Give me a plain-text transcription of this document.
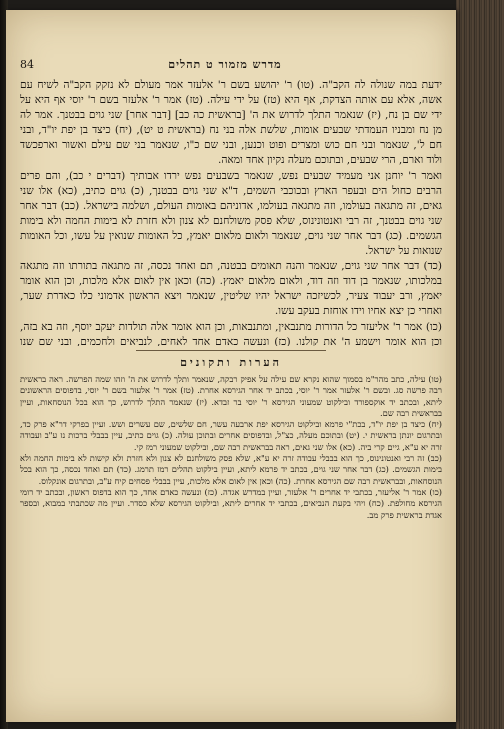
84	מדרש מזמור ט תהלים

ידעת במה שנולה לה הקב"ה. (טו) ר' יהושע בשם ר' אלעזר אמר מעולם לא נזקק הקב"ה לשיח עם אשה, אלא עם אותה הצדקת, אף היא (טז) על ידי עילה. (טז) אמר ר' אלעזר בשם ר' יוסי אף היא על ידי שם בן נח, (יז) שנאמר התלך לדרוש את ה' [בראשית כה כב] [דבר אחר] שני גוים בבטנך. אמר לה מן נח ומבניו העמדתי שבעים אומות, שלשת אלה בני נח (בראשית ט יט), (יח) כיצד בן יפת יו"ד, ובני חם ל', שנאמר ובני חם כוש ומצרים ופוט וכנען, ובני שם כ"ו, שנאמר בני שם עילם ואשור וארפכשד ולוד וארם, הרי שבעים, ובתוכם מעלה נקיון אחד ומאה.

ואמר ר' יוחנן אני מעמיד שבעים נפש, שנאמר בשבעים נפש ירדו אבותיך (דברים י כב), והם פרים הרבים כחול הים ובעפר הארץ ובכוכבי השמים, ד"א שני גוים בבטנך, (כ) גוים כתיב, (כא) אלו שני גאים, זה מתגאה בעולמו, וזה מתגאה בעולמו, אדוניהם באומות העולם, ושלמה בישראל. (כב) דבר אחר שני גוים בבטנך, זה רבי ואנטונינוס, שלא פסק משולחנם לא צנון ולא חזרת לא בימות החמה ולא בימות הגשמים. (כג) דבר אחר שני גוים, שנאמר ולאום מלאום יאמץ, כל האומות שנואין על עשו, וכל האומות שנואות על ישראל.

(כד) דבר אחר שני גוים, שנאמר והנה תאומים בבטנה, תם ואחד נכסה, זה מתגאה בתורתו וזה מתגאה במלכותו, שנאמר בן דוד וזה דוד, ולאום מלאום יאמץ. (כה) וכאן אין לאום אלא מלכות, וכן הוא אומר יאמץ, ורב יעבוד צעיר, לכשיזכה ישראל יהיו שליטין, שנאמר ויצא הראשון אדמוני כלו כאדרת שער, ואחרי כן יצא אחיו וידו אוחזת בעקב עשו.

(כו) אמר ר' אליעזר כל הדורות מתנבאין, ומתנבאות, וכן הוא אומר אלה תולדות יעקב יוסף, וזה בא בזה, וכן הוא אומר וישמע ה' את קולנו. (כז) ונעשה כאדם אחד לאחים, לנביאים ולחכמים, ובני שם שנו

הערות ותקונים

(טו) עילה, כתב מהר"מ בסמוך שהוא נקרא שם עילה על אפיק רבקה, שנאמר ותלך לדרוש את ה' וזהו שמה הפרשה. ראה בראשית רבה פרשה סג. ובשם ר' אלעזר אמר ר' יוסי, בכתב יד אחר הגירסא אחרת. (טז) אמר ר' אלעזר בשם ר' יוסי, בדפוסים הראשונים ליתא, ובכתב יד אוקספורד ובילקוט שמעוני הגירסא ר' יוסי בר זבדא. (יז) שנאמר התלך לדרוש, כך הוא בכל הנוסחאות, ועיין בבראשית רבה שם.

(יח) כיצד בן יפת יו"ד, בכת"י פרמא ובילקוט הגירסא יפת ארבעה עשר, חם שלשים, שם עשרים ושש. ועיין בפרקי דר"א פרק כד, ובתרגום יונתן בראשית י. (יט) ובתוכם מעלה, כצ"ל, ובדפוסים אחרים ובתוכן עולה. (כ) גוים כתיב, עיין בבבלי ברכות נז ע"ב ועבודה זרה יא ע"א, גיים קרי ביה. (כא) אלו שני גאים, ראה בבראשית רבה שם, ובילקוט שמעוני רמז קי.

(כב) זה רבי ואנטונינוס, כך הוא בבבלי עבודה זרה יא ע"א, שלא פסק משולחנם לא צנון ולא חזרת ולא קישות לא בימות החמה ולא בימות הגשמים. (כג) דבר אחר שני גוים, בכתב יד פרמא ליתא, ועיין בילקוט תהלים רמז תרמג. (כד) תם ואחד נכסה, כך הוא בכל הנוסחאות, ובבראשית רבה שם הגירסא אחרת. (כה) וכאן אין לאום אלא מלכות, עיין בבבלי פסחים קיח ע"ב, ובתרגום אונקלוס.

(כו) אמר ר' אליעזר, בכתבי יד אחרים ר' אלעזר, ועיין במדרש אגדה. (כז) ונעשה כאדם אחד, כך הוא בדפוס ראשון, ובכתב יד רומי הגירסא מחולפת. (כח) ויהי בקעת הנביאים, בכתבי יד אחרים ליתא, ובילקוט הגירסא שלא כסדר. ועיין מה שכתבתי במבוא, ובספר אגדת בראשית פרק מב.
